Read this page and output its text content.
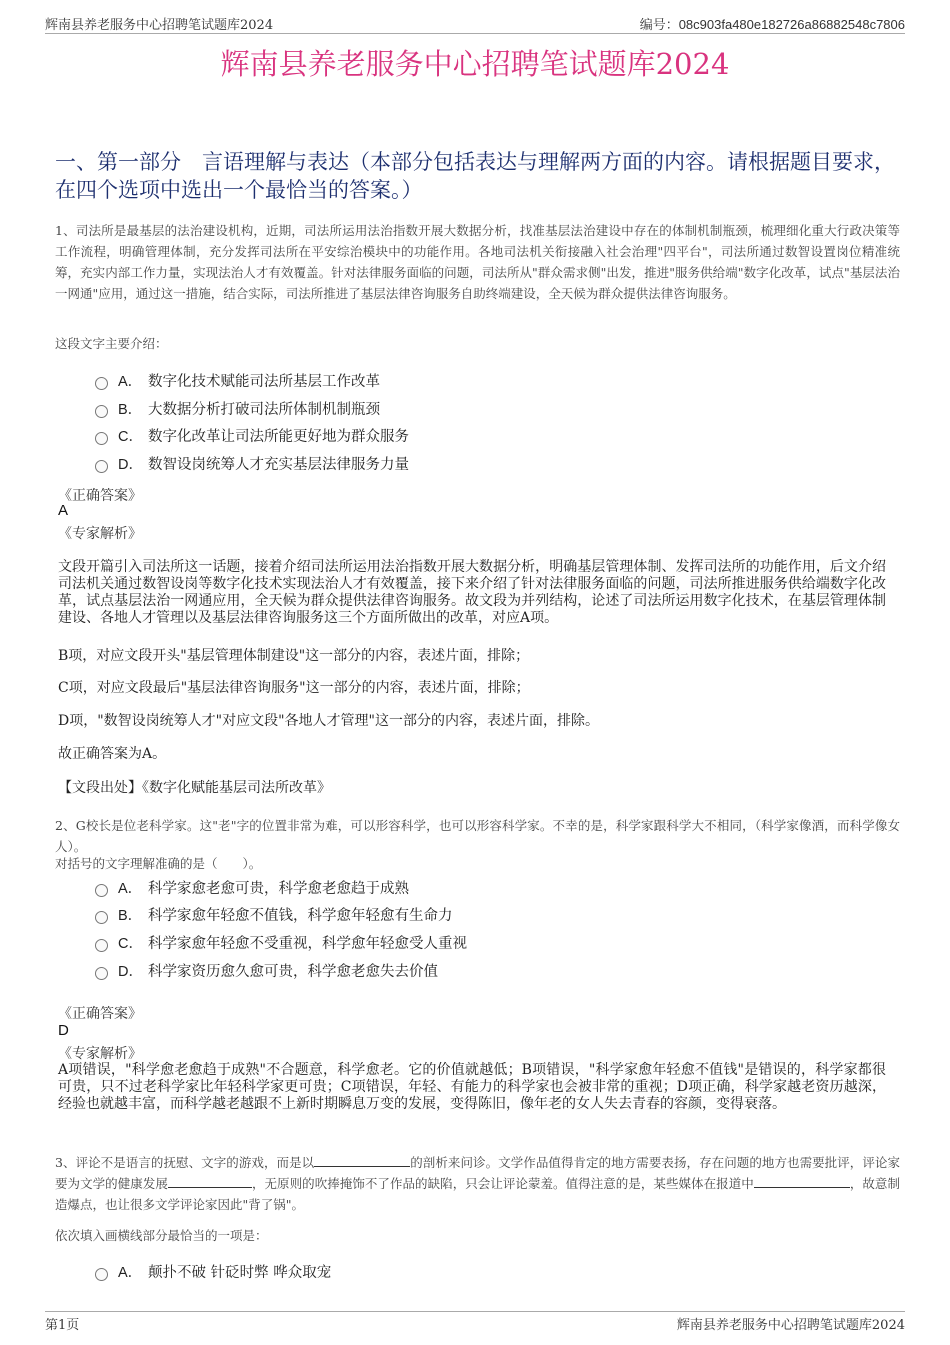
辉南县养老服务中心招聘笔试题库2024	编号：08c903fa480e182726a86882548c7806
辉南县养老服务中心招聘笔试题库2024
一、第一部分　言语理解与表达（本部分包括表达与理解两方面的内容。请根据题目要求，在四个选项中选出一个最恰当的答案。）
1、司法所是最基层的法治建设机构，近期，司法所运用法治指数开展大数据分析，找准基层法治建设中存在的体制机制瓶颈，梳理细化重大行政决策等工作流程，明确管理体制，充分发挥司法所在平安综治模块中的功能作用。各地司法机关衔接融入社会治理"四平台"，司法所通过数智设置岗位精准统筹，充实内部工作力量，实现法治人才有效覆盖。针对法律服务面临的问题，司法所从"群众需求侧"出发，推进"服务供给端"数字化改革，试点"基层法治一网通"应用，通过这一措施，结合实际，司法所推进了基层法律咨询服务自助终端建设，全天候为群众提供法律咨询服务。
这段文字主要介绍：
A． 数字化技术赋能司法所基层工作改革
B． 大数据分析打破司法所体制机制瓶颈
C． 数字化改革让司法所能更好地为群众服务
D． 数智设岗统筹人才充实基层法律服务力量
《正确答案》
A
《专家解析》
文段开篇引入司法所这一话题，接着介绍司法所运用法治指数开展大数据分析，明确基层管理体制、发挥司法所的功能作用，后文介绍司法机关通过数智设岗等数字化技术实现法治人才有效覆盖，接下来介绍了针对法律服务面临的问题，司法所推进服务供给端数字化改革，试点基层法治一网通应用，全天候为群众提供法律咨询服务。故文段为并列结构，论述了司法所运用数字化技术，在基层管理体制建设、各地人才管理以及基层法律咨询服务这三个方面所做出的改革，对应A项。
B项，对应文段开头"基层管理体制建设"这一部分的内容，表述片面，排除；
C项，对应文段最后"基层法律咨询服务"这一部分的内容，表述片面，排除；
D项，"数智设岗统筹人才"对应文段"各地人才管理"这一部分的内容，表述片面，排除。
故正确答案为A。
【文段出处】《数字化赋能基层司法所改革》
2、G校长是位老科学家。这"老"字的位置非常为难，可以形容科学，也可以形容科学家。不幸的是，科学家跟科学大不相同，（科学家像酒，而科学像女人）。
对括号的文字理解准确的是（　　）。
A． 科学家愈老愈可贵，科学愈老愈趋于成熟
B． 科学家愈年轻愈不值钱，科学愈年轻愈有生命力
C． 科学家愈年轻愈不受重视，科学愈年轻愈受人重视
D． 科学家资历愈久愈可贵，科学愈老愈失去价值
《正确答案》
D
《专家解析》
A项错误，"科学愈老愈趋于成熟"不合题意，科学愈老。它的价值就越低；B项错误，"科学家愈年轻愈不值钱"是错误的，科学家都很可贵，只不过老科学家比年轻科学家更可贵；C项错误，年轻、有能力的科学家也会被非常的重视；D项正确，科学家越老资历越深，经验也就越丰富，而科学越老越跟不上新时期瞬息万变的发展，变得陈旧，像年老的女人失去青春的容颜，变得衰落。
3、评论不是语言的抚慰、文字的游戏，而是以	的剖析来问诊。文学作品值得肯定的地方需要表扬，存在问题的地方也需要批评，评论家要为文学的健康发展	，无原则的吹捧掩饰不了作品的缺陷，只会让评论蒙羞。值得注意的是，某些媒体在报道中	，故意制造爆点，也让很多文学评论家因此"背了锅"。
依次填入画横线部分最恰当的一项是：
A． 颠扑不破 针砭时弊 哗众取宠
第1页	辉南县养老服务中心招聘笔试题库2024
